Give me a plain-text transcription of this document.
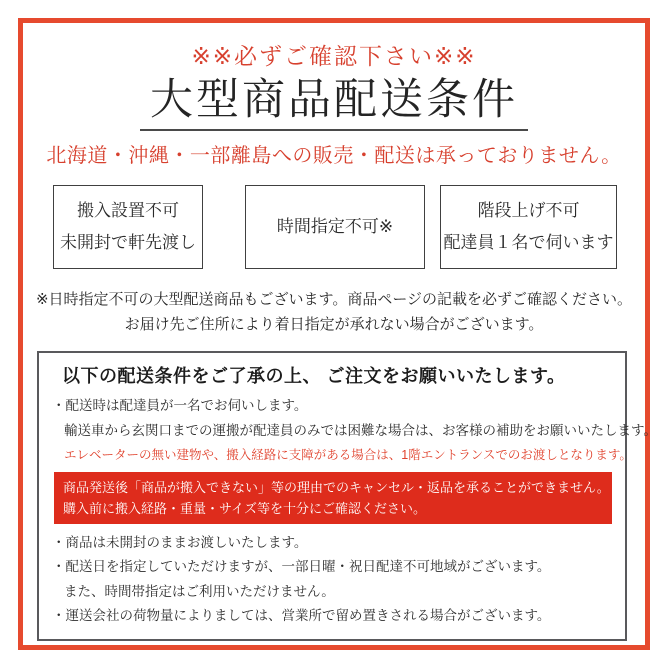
※※必ずご確認下さい※※
大型商品配送条件
北海道・沖縄・一部離島への販売・配送は承っておりません。
搬入設置不可
未開封で軒先渡し
時間指定不可※
階段上げ不可
配達員１名で伺います
※日時指定不可の大型配送商品もございます。商品ページの記載を必ずご確認ください。
お届け先ご住所により着日指定が承れない場合がございます。
以下の配送条件をご了承の上、 ご注文をお願いいたします。
・配送時は配達員が一名でお伺いします。
輸送車から玄関口までの運搬が配達員のみでは困難な場合は、お客様の補助をお願いいたします。
エレベーターの無い建物や、搬入経路に支障がある場合は、1階エントランスでのお渡しとなります。
商品発送後「商品が搬入できない」等の理由でのキャンセル・返品を承ることができません。
購入前に搬入経路・重量・サイズ等を十分にご確認ください。
・商品は未開封のままお渡しいたします。
・配送日を指定していただけますが、一部日曜・祝日配達不可地域がございます。
また、時間帯指定はご利用いただけません。
・運送会社の荷物量によりましては、営業所で留め置きされる場合がございます。
